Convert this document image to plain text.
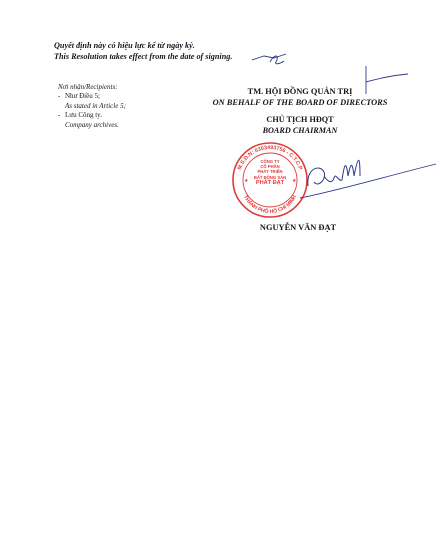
Quyết định này có hiệu lực kể từ ngày ký.
This Resolution takes effect from the date of signing.
Nơi nhận/Recipients:
- Như Điều 5;
As stated in Article 5;
- Lưu Công ty.
Company archives.
TM. HỘI ĐỒNG QUẢN TRỊ
ON BEHALF OF THE BOARD OF DIRECTORS
CHỦ TỊCH HĐQT
BOARD CHAIRMAN
M.S.D.N: 0303493756 - C.T.C.P
THÀNH PHỐ HỒ CHÍ MINH
★	★
CÔNG TY
CỔ PHẦN
PHÁT TRIỂN
BẤT ĐỘNG SẢN
PHÁT ĐẠT
NGUYỄN VĂN ĐẠT
